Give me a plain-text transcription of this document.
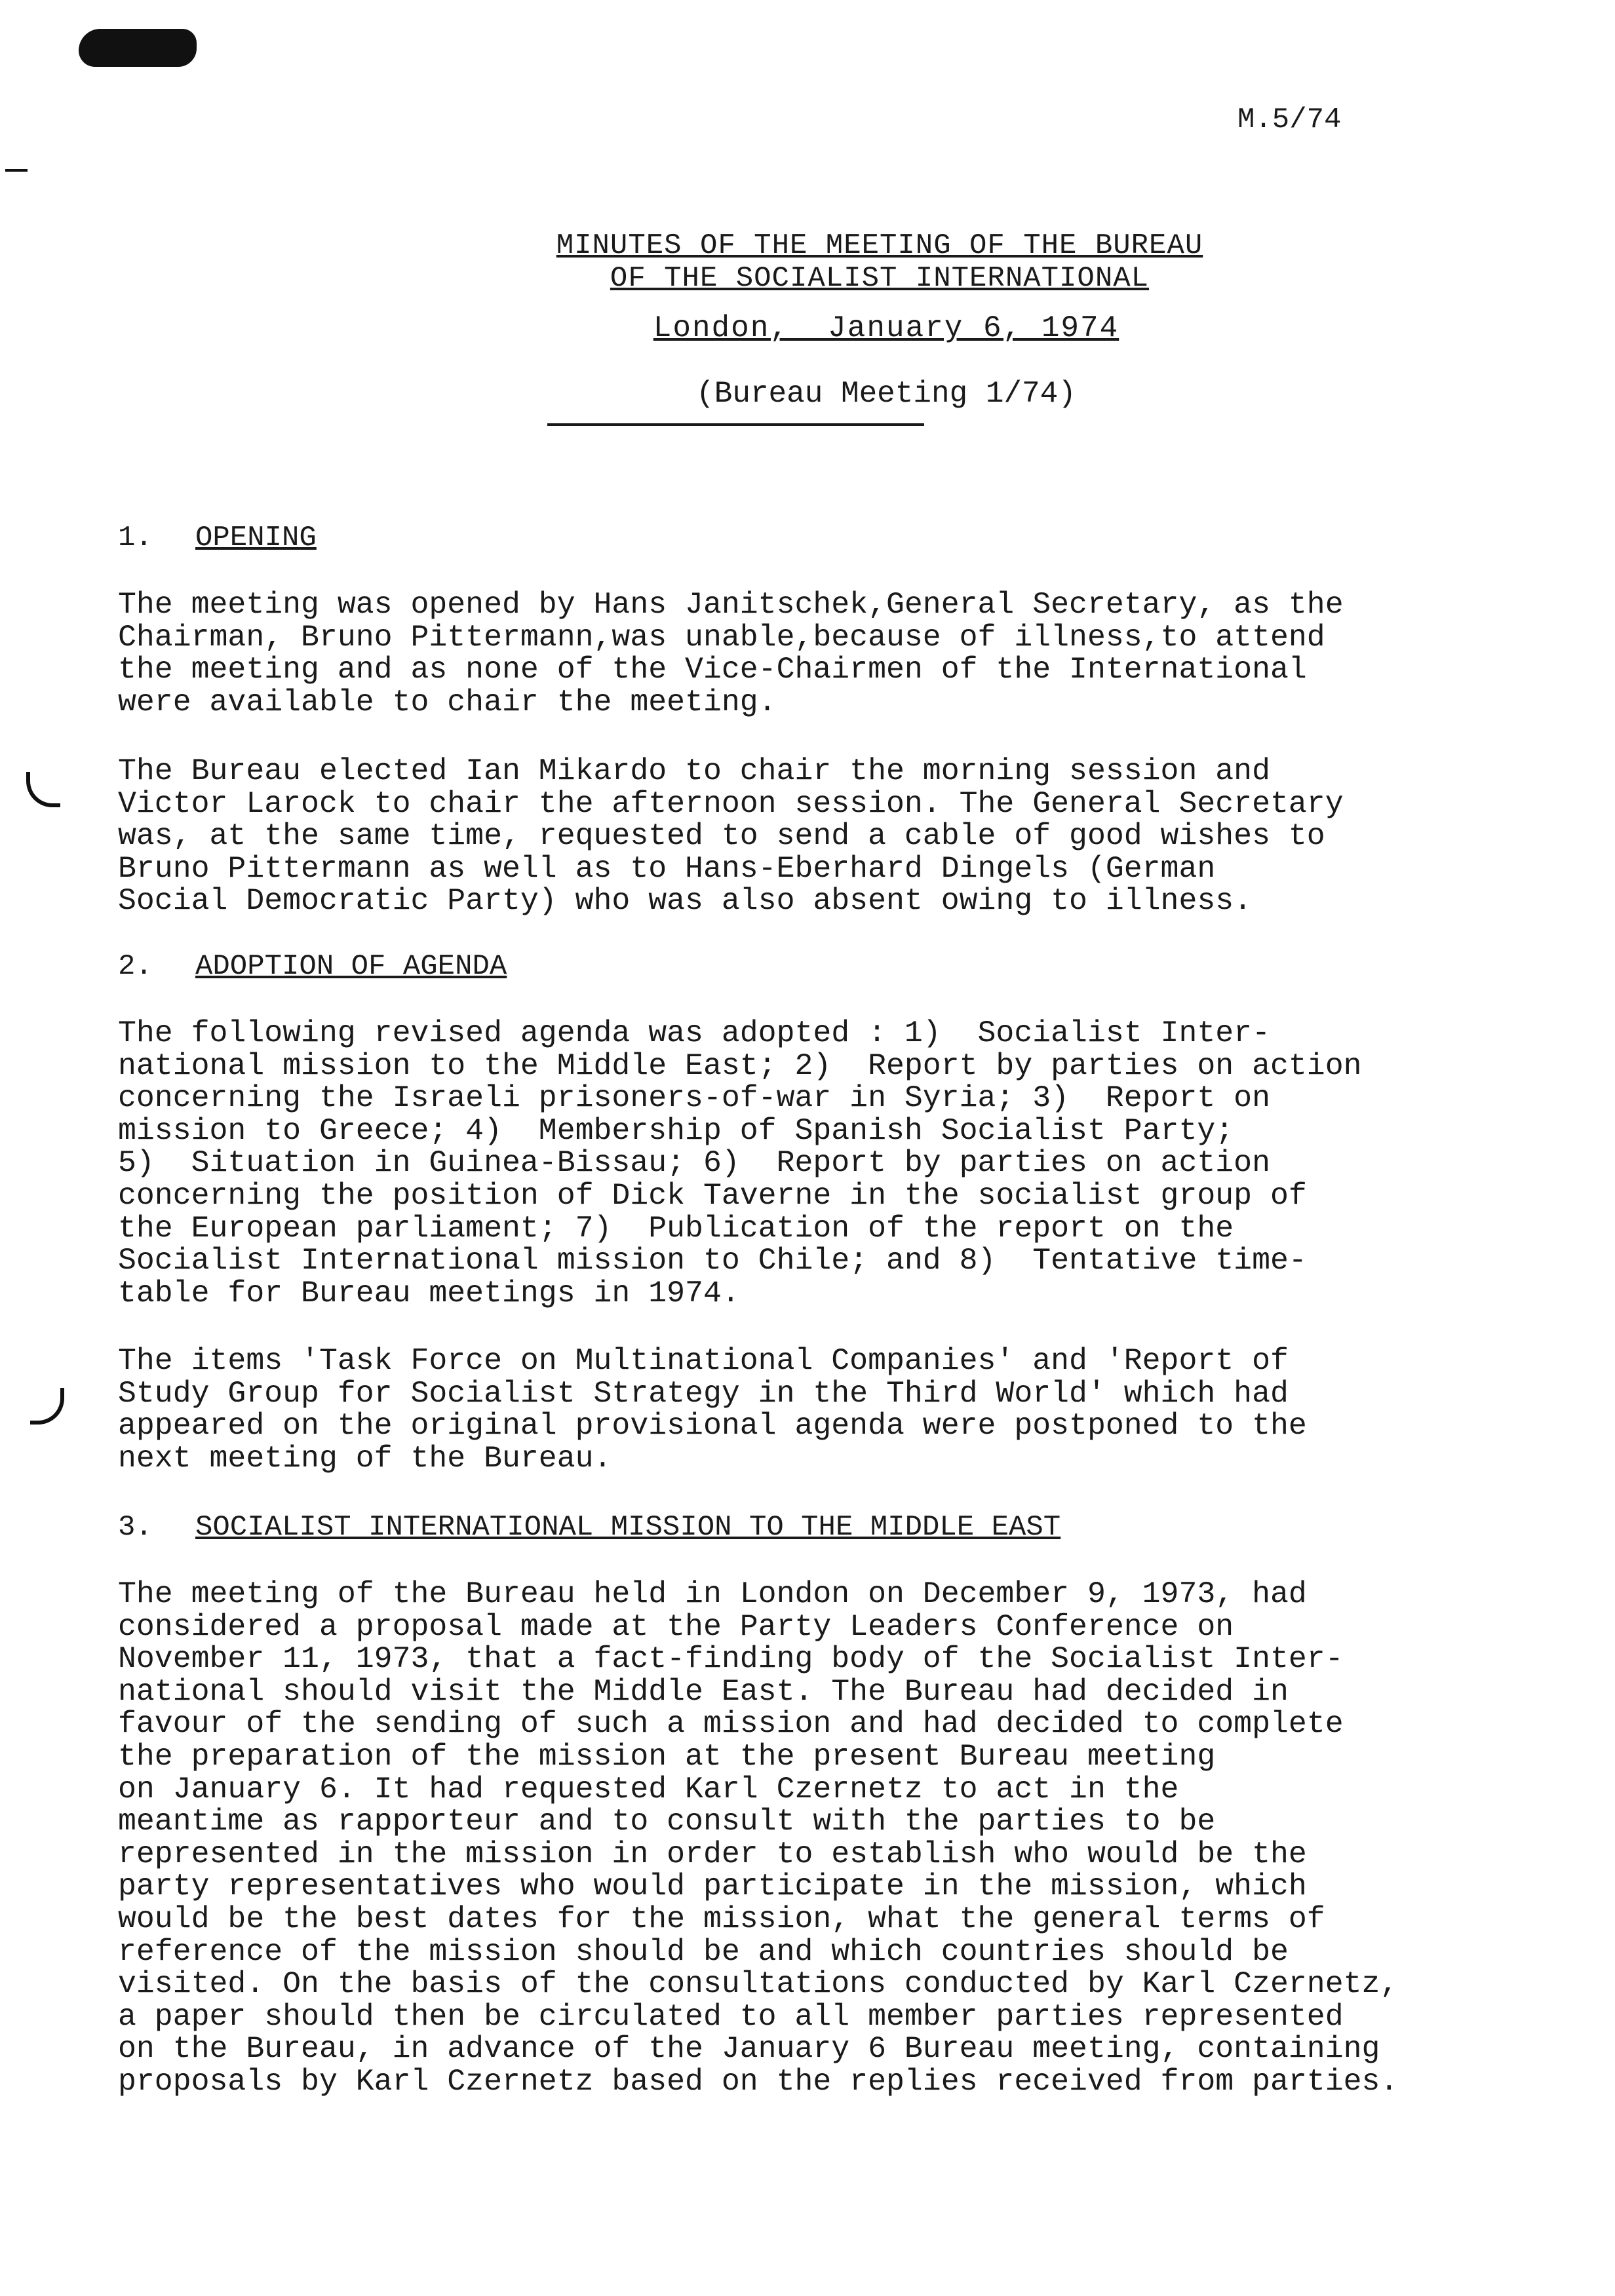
M.5/74
MINUTES OF THE MEETING OF THE BUREAU
OF THE SOCIALIST INTERNATIONAL
London,  January 6, 1974
(Bureau Meeting 1/74)
1. OPENING

The meeting was opened by Hans Janitschek,General Secretary, as the
Chairman, Bruno Pittermann,was unable,because of illness,to attend
the meeting and as none of the Vice-Chairmen of the International
were available to chair the meeting.

The Bureau elected Ian Mikardo to chair the morning session and
Victor Larock to chair the afternoon session. The General Secretary
was, at the same time, requested to send a cable of good wishes to
Bruno Pittermann as well as to Hans-Eberhard Dingels (German
Social Democratic Party) who was also absent owing to illness.

2. ADOPTION OF AGENDA

The following revised agenda was adopted : 1)  Socialist Inter-
national mission to the Middle East; 2)  Report by parties on action
concerning the Israeli prisoners-of-war in Syria; 3)  Report on
mission to Greece; 4)  Membership of Spanish Socialist Party;
5)  Situation in Guinea-Bissau; 6)  Report by parties on action
concerning the position of Dick Taverne in the socialist group of
the European parliament; 7)  Publication of the report on the
Socialist International mission to Chile; and 8)  Tentative time-
table for Bureau meetings in 1974.

The items 'Task Force on Multinational Companies' and 'Report of
Study Group for Socialist Strategy in the Third World' which had
appeared on the original provisional agenda were postponed to the
next meeting of the Bureau.

3. SOCIALIST INTERNATIONAL MISSION TO THE MIDDLE EAST

The meeting of the Bureau held in London on December 9, 1973, had
considered a proposal made at the Party Leaders Conference on
November 11, 1973, that a fact-finding body of the Socialist Inter-
national should visit the Middle East. The Bureau had decided in
favour of the sending of such a mission and had decided to complete
the preparation of the mission at the present Bureau meeting
on January 6. It had requested Karl Czernetz to act in the
meantime as rapporteur and to consult with the parties to be
represented in the mission in order to establish who would be the
party representatives who would participate in the mission, which
would be the best dates for the mission, what the general terms of
reference of the mission should be and which countries should be
visited. On the basis of the consultations conducted by Karl Czernetz,
a paper should then be circulated to all member parties represented
on the Bureau, in advance of the January 6 Bureau meeting, containing
proposals by Karl Czernetz based on the replies received from parties.
